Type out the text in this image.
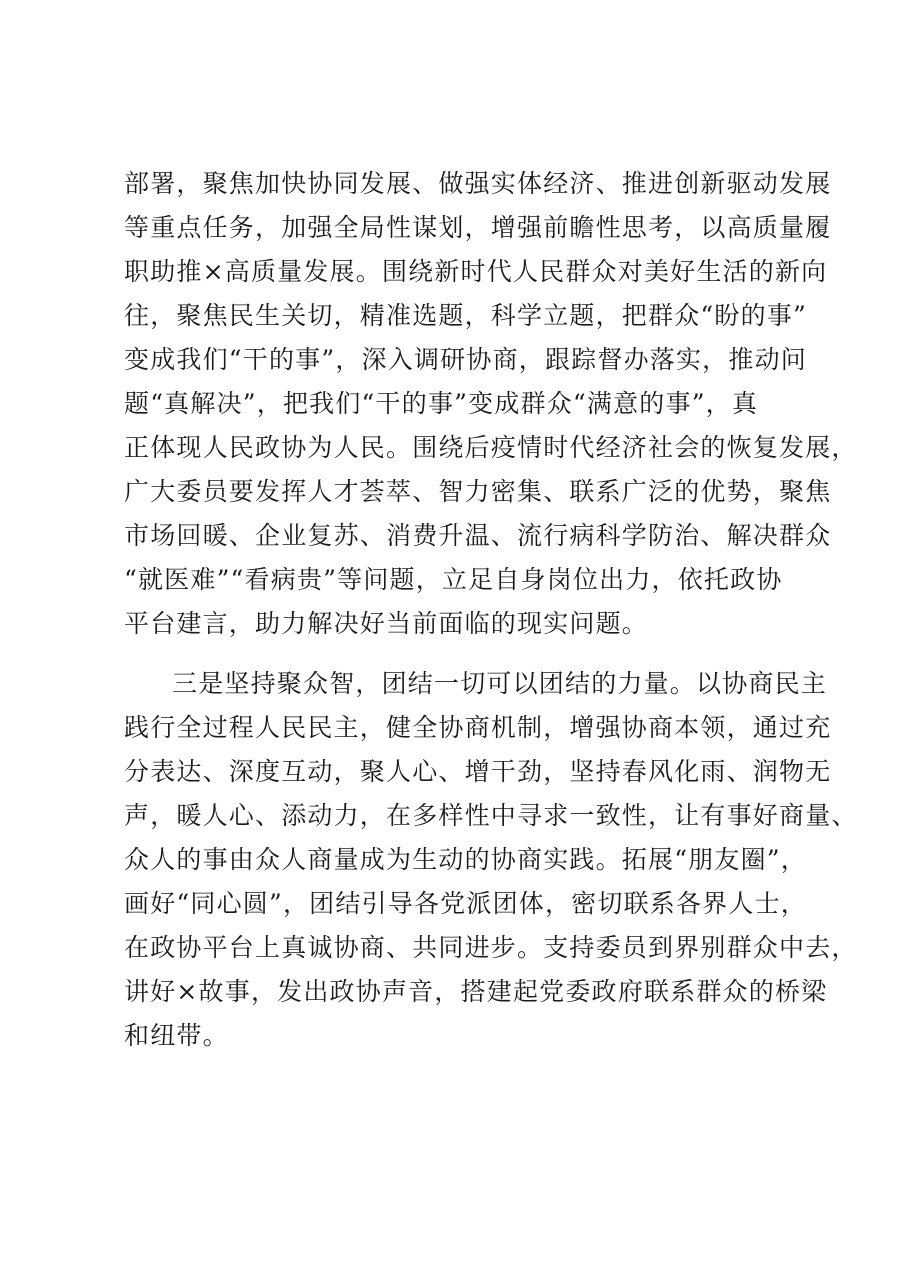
部署，聚焦加快协同发展、做强实体经济、推进创新驱动发展
等重点任务，加强全局性谋划，增强前瞻性思考，以高质量履
职助推×高质量发展。围绕新时代人民群众对美好生活的新向
往，聚焦民生关切，精准选题，科学立题，把群众“盼的事”
变成我们“干的事”，深入调研协商，跟踪督办落实，推动问
题“真解决”，把我们“干的事”变成群众“满意的事”，真
正体现人民政协为人民。围绕后疫情时代经济社会的恢复发展，
广大委员要发挥人才荟萃、智力密集、联系广泛的优势，聚焦
市场回暖、企业复苏、消费升温、流行病科学防治、解决群众
“就医难”“看病贵”等问题，立足自身岗位出力，依托政协
平台建言，助力解决好当前面临的现实问题。
三是坚持聚众智，团结一切可以团结的力量。以协商民主
践行全过程人民民主，健全协商机制，增强协商本领，通过充
分表达、深度互动，聚人心、增干劲，坚持春风化雨、润物无
声，暖人心、添动力，在多样性中寻求一致性，让有事好商量、
众人的事由众人商量成为生动的协商实践。拓展“朋友圈”，
画好“同心圆”，团结引导各党派团体，密切联系各界人士，
在政协平台上真诚协商、共同进步。支持委员到界别群众中去，
讲好×故事，发出政协声音，搭建起党委政府联系群众的桥梁
和纽带。
